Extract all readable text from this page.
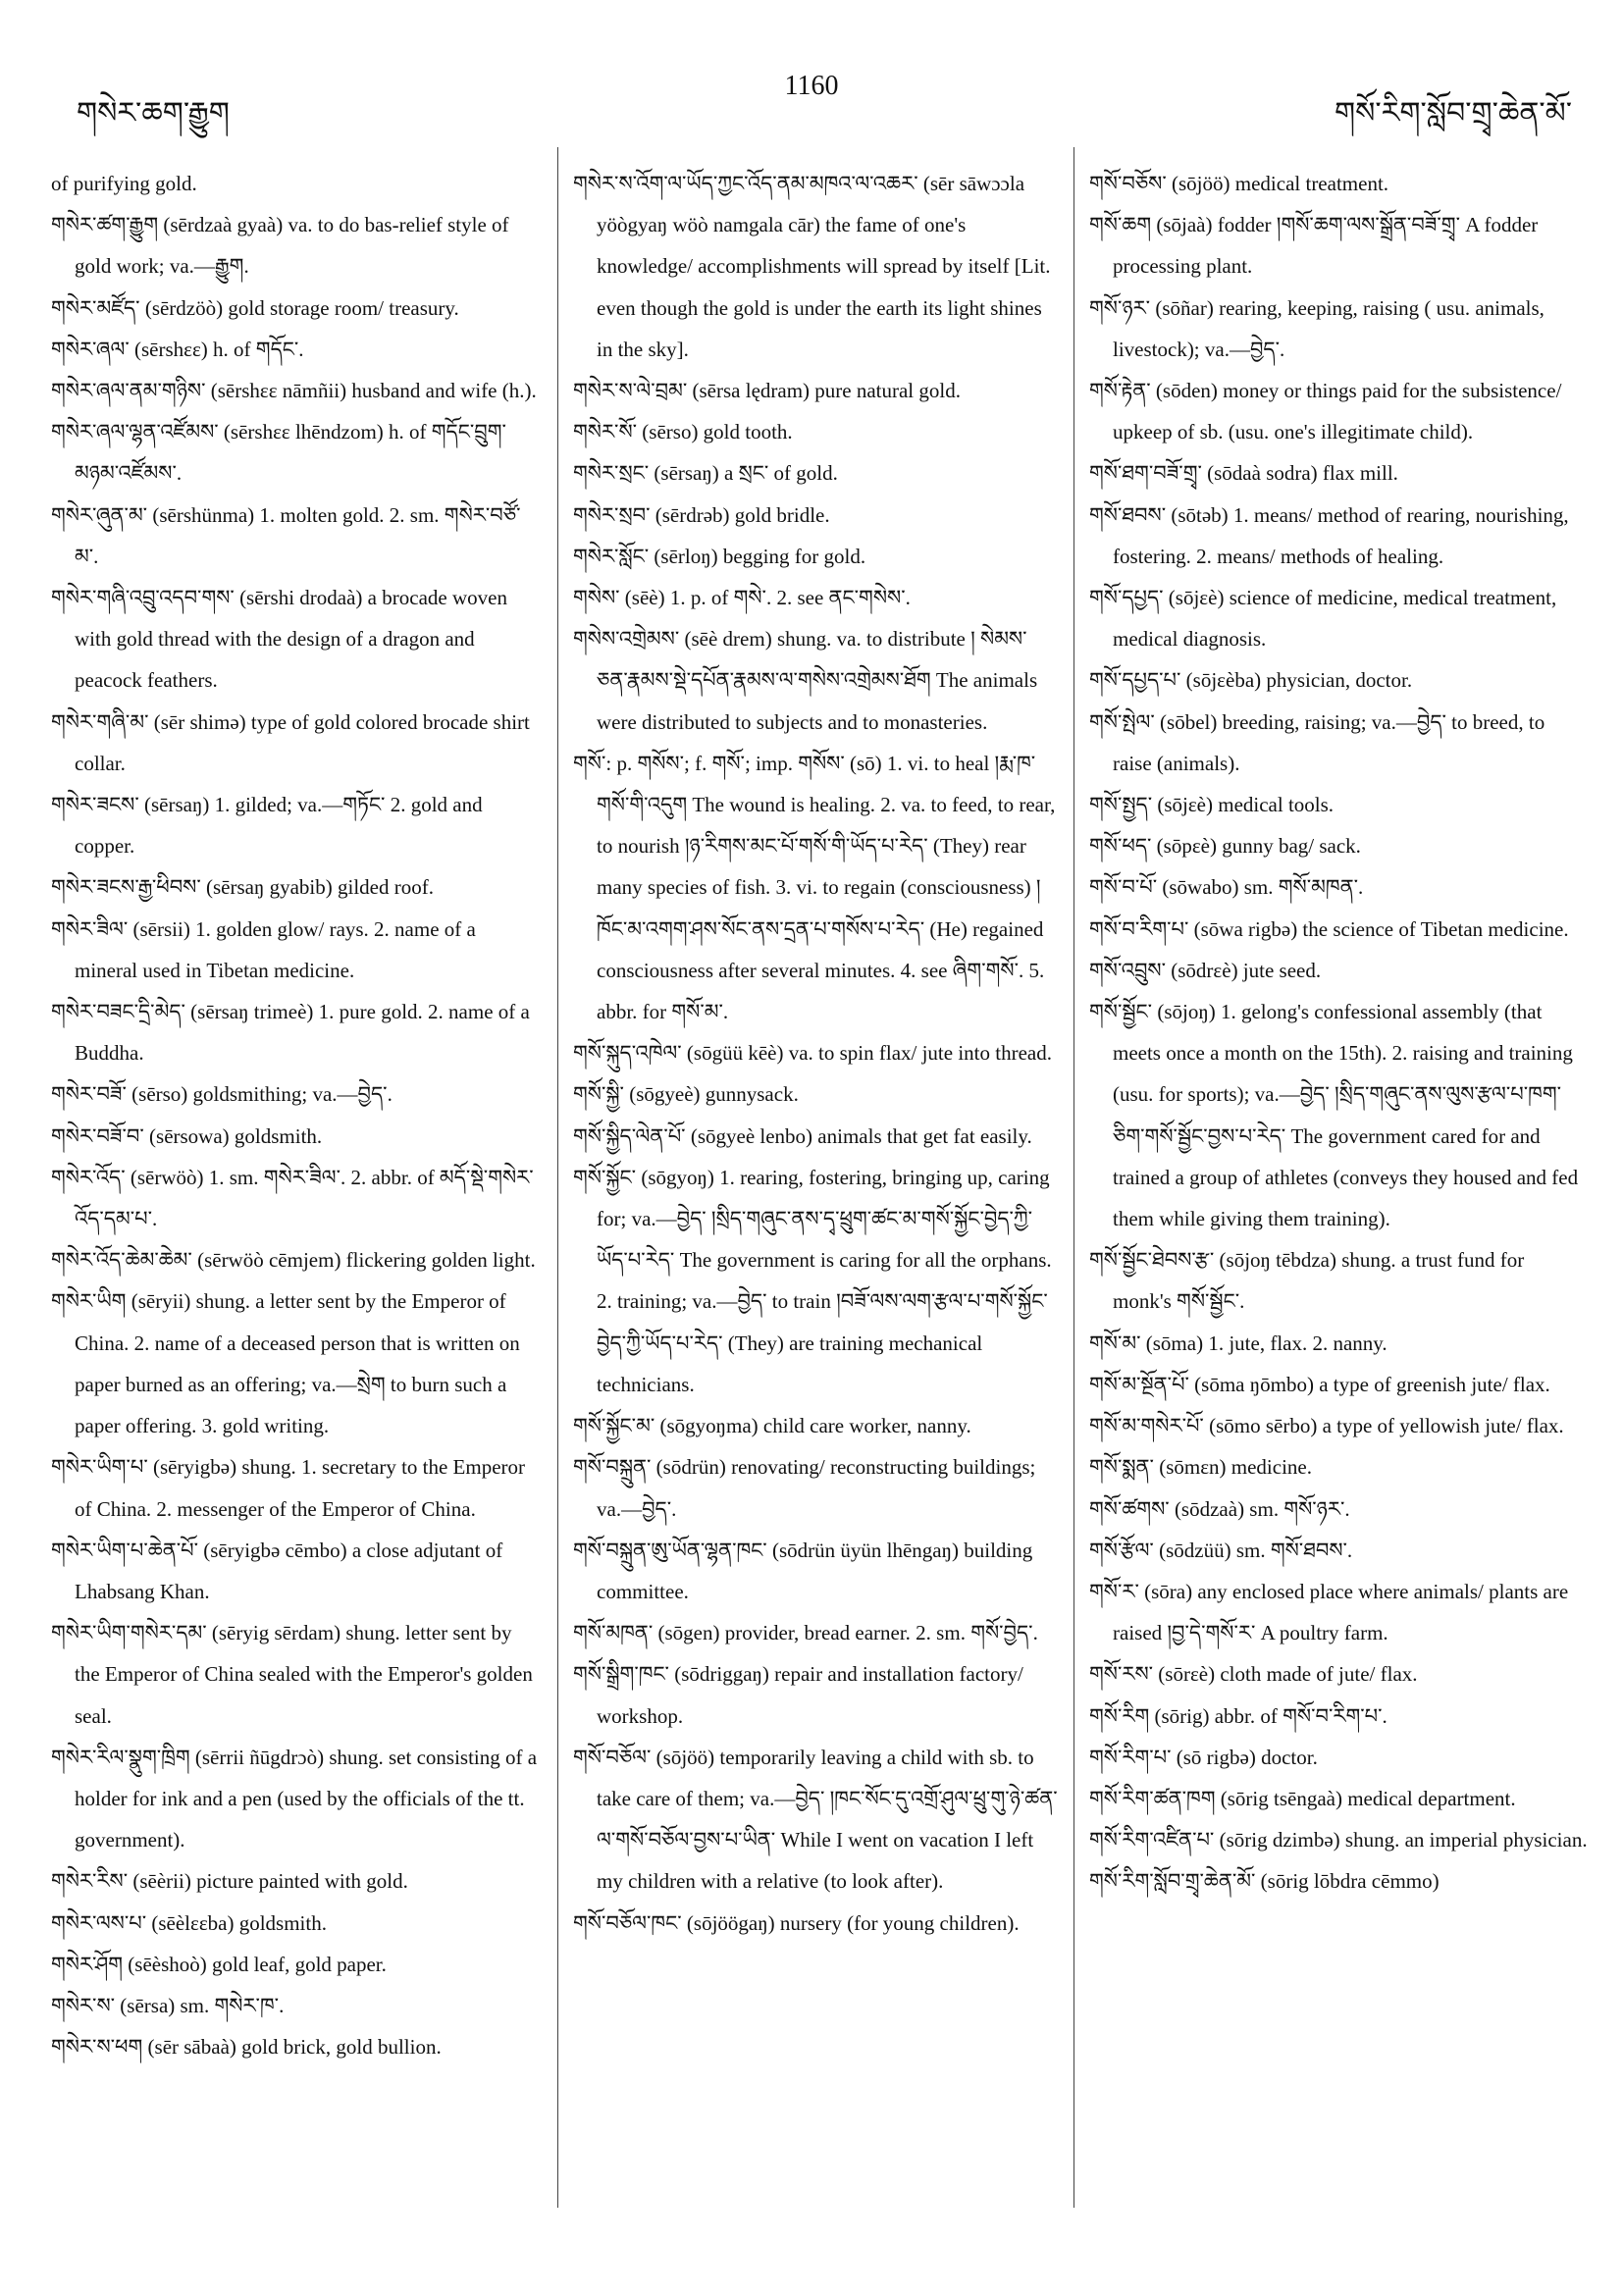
གསེར་ཆག་རྒྱུག
1160
གསོ་རིག་སློབ་གྲྭ་ཆེན་མོ་

of purifying gold.

གསེར་ཚག་རྒྱུག (sērdzaà gyaà) va. to do bas-relief style of gold work; va.—རྒྱུག.

གསེར་མཛོད་ (sērdzöò) gold storage room/ treasury.

གསེར་ཞལ་ (sērshεε) h. of གདོང་.

གསེར་ཞལ་ནམ་གཉིས་ (sērshεε nāmñii) husband and wife (h.).

གསེར་ཞལ་ལྷན་འཛོམས་ (sērshεε lhēndzom) h. of གདོང་བྲུག་མཉམ་འཛོམས་.

གསེར་ཞུན་མ་ (sērshünma) 1. molten gold. 2. sm. གསེར་བཙོ་མ་.

གསེར་གཞི་འབྲུ་འདབ་གས་ (sērshi drodaà) a brocade woven with gold thread with the design of a dragon and peacock feathers.

གསེར་གཞི་མ་ (sēr shimə) type of gold colored brocade shirt collar.

གསེར་ཟངས་ (sērsaŋ) 1. gilded; va.—གཏོང་ 2. gold and copper.

གསེར་ཟངས་རྒྱ་ཕིབས་ (sērsaŋ gyabib) gilded roof.

གསེར་ཟིལ་ (sērsii) 1. golden glow/ rays. 2. name of a mineral used in Tibetan medicine.

གསེར་བཟང་དྲི་མེད་ (sērsaŋ trimeè) 1. pure gold. 2. name of a Buddha.

གསེར་བཟོ་ (sērso) goldsmithing; va.—བྱེད་.

གསེར་བཟོ་བ་ (sērsowa) goldsmith.

གསེར་འོད་ (sērwöò) 1. sm. གསེར་ཟིལ་. 2. abbr. of མདོ་སྡེ་གསེར་འོད་དམ་པ་.

གསེར་འོད་ཆེམ་ཆེམ་ (sērwöò cēmjem) flickering golden light.

གསེར་ཡིག (sēryii) shung. a letter sent by the Emperor of China. 2. name of a deceased person that is written on paper burned as an offering; va.—སྲེག to burn such a paper offering. 3. gold writing.

གསེར་ཡིག་པ་ (sēryigbə) shung. 1. secretary to the Emperor of China. 2. messenger of the Emperor of China.

གསེར་ཡིག་པ་ཆེན་པོ་ (sēryigbə cēmbo) a close adjutant of Lhabsang Khan.

གསེར་ཡིག་གསེར་དམ་ (sēryig sērdam) shung. letter sent by the Emperor of China sealed with the Emperor's golden seal.

གསེར་རིལ་སྣུག་ཁྲིག (sērrii ñūgdrɔò) shung. set consisting of a holder for ink and a pen (used by the officials of the tt. government).

གསེར་རིས་ (sēèrii) picture painted with gold.

གསེར་ལས་པ་ (sēèlεεba) goldsmith.

གསེར་ཤོག (sēèshoò) gold leaf, gold paper.

གསེར་ས་ (sērsa) sm. གསེར་ཁ་.

གསེར་ས་ཕག (sēr sābaà) gold brick, gold bullion.

གསེར་ས་འོག་ལ་ཡོད་ཀྱང་འོད་ནམ་མཁའ་ལ་འཆར་ (sēr sāwɔɔla yöògyaŋ wöò namgala cār) the fame of one's knowledge/ accomplishments will spread by itself [Lit. even though the gold is under the earth its light shines in the sky].

གསེར་ས་ལེ་བྲམ་ (sērsa lędram) pure natural gold.

གསེར་སོ་ (sērso) gold tooth.

གསེར་སྲང་ (sērsaŋ) a སྲང་ of gold.

གསེར་སྲབ་ (sērdrəb) gold bridle.

གསེར་སློང་ (sērloŋ) begging for gold.

གསེས་ (sēè) 1. p. of གསེ་. 2. see ནང་གསེས་.

གསེས་འགྲེམས་ (sēè drem) shung. va. to distribute ། སེམས་ཅན་རྣམས་སྡེ་དཔོན་རྣམས་ལ་གསེས་འགྲེམས་ཐོག The animals were distributed to subjects and to monasteries.

གསོ་: p. གསོས་; f. གསོ་; imp. གསོས་ (sō) 1. vi. to heal །རྨ་ཁ་གསོ་གི་འདུག The wound is healing. 2. va. to feed, to rear, to nourish །ཉ་རིགས་མང་པོ་གསོ་གི་ཡོད་པ་རེད་ (They) rear many species of fish. 3. vi. to regain (consciousness) །ཁོང་མ་འགག་ཤས་སོང་ནས་དྲན་པ་གསོས་པ་རེད་ (He) regained consciousness after several minutes. 4. see ཞིག་གསོ་. 5. abbr. for གསོ་མ་.

གསོ་སྐུད་འཁེལ་ (sōgüü kēè) va. to spin flax/ jute into thread.

གསོ་སྐྱི་ (sōgyeè) gunnysack.

གསོ་སྐྱིད་ལེན་པོ་ (sōgyeè lenbo) animals that get fat easily.

གསོ་སྐྱོང་ (sōgyoŋ) 1. rearing, fostering, bringing up, caring for; va.—བྱེད་ །སྲིད་གཞུང་ནས་དྭ་ཕྲུག་ཚང་མ་གསོ་སྐྱོང་བྱེད་ཀྱི་ཡོད་པ་རེད་ The government is caring for all the orphans. 2. training; va.—བྱེད་ to train །བཟོ་ལས་ལག་རྩལ་པ་གསོ་སྐྱོང་བྱེད་ཀྱི་ཡོད་པ་རེད་ (They) are training mechanical technicians.

གསོ་སྐྱོང་མ་ (sōgyoŋma) child care worker, nanny.

གསོ་བསྐྲུན་ (sōdrün) renovating/ reconstructing buildings; va.—བྱེད་.

གསོ་བསྐྲུན་ཨུ་ཡོན་ལྷན་ཁང་ (sōdrün üyün lhēngaŋ) building committee.

གསོ་མཁན་ (sōgen) provider, bread earner. 2. sm. གསོ་བྱེད་.

གསོ་སྒྲིག་ཁང་ (sōdriggaŋ) repair and installation factory/ workshop.

གསོ་བཅོལ་ (sōjöö) temporarily leaving a child with sb. to take care of them; va.—བྱེད་ །ཁང་སོང་དུ་འགྲོ་ཤུལ་ཕྲུ་གུ་ཉེ་ཚན་ལ་གསོ་བཅོལ་བྱས་པ་ཡིན་ While I went on vacation I left my children with a relative (to look after).

གསོ་བཅོལ་ཁང་ (sōjöögaŋ) nursery (for young children).

གསོ་བཅོས་ (sōjöö) medical treatment.

གསོ་ཆག (sōjaà) fodder །གསོ་ཆག་ལས་སྒྲོན་བཟོ་གྲྭ་ A fodder processing plant.

གསོ་ཉར་ (sōñar) rearing, keeping, raising ( usu. animals, livestock); va.—བྱེད་.

གསོ་རྟེན་ (sōden) money or things paid for the subsistence/ upkeep of sb. (usu. one's illegitimate child).

གསོ་ཐག་བཟོ་གྲྭ་ (sōdaà sodra) flax mill.

གསོ་ཐབས་ (sōtəb) 1. means/ method of rearing, nourishing, fostering. 2. means/ methods of healing.

གསོ་དཔྱད་ (sōjεè) science of medicine, medical treatment, medical diagnosis.

གསོ་དཔྱད་པ་ (sōjεèba) physician, doctor.

གསོ་སྤེལ་ (sōbel) breeding, raising; va.—བྱེད་ to breed, to raise (animals).

གསོ་སྤྱད་ (sōjεè) medical tools.

གསོ་ཕད་ (sōpεè) gunny bag/ sack.

གསོ་བ་པོ་ (sōwabo) sm. གསོ་མཁན་.

གསོ་བ་རིག་པ་ (sōwa rigbə) the science of Tibetan medicine.

གསོ་འབྲུས་ (sōdrεè) jute seed.

གསོ་སྦྱོང་ (sōjoŋ) 1. gelong's confessional assembly (that meets once a month on the 15th). 2. raising and training (usu. for sports); va.—བྱེད་ །སྲིད་གཞུང་ནས་ལུས་རྩལ་པ་ཁག་ཅིག་གསོ་སྦྱོང་བྱས་པ་རེད་ The government cared for and trained a group of athletes (conveys they housed and fed them while giving them training).

གསོ་སྦྱོང་ཐེབས་རྩ་ (sōjoŋ tēbdza) shung. a trust fund for monk's གསོ་སྦྱོང་.

གསོ་མ་ (sōma) 1. jute, flax. 2. nanny.

གསོ་མ་སྔོན་པོ་ (sōma ŋōmbo) a type of greenish jute/ flax.

གསོ་མ་གསེར་པོ་ (sōmo sērbo) a type of yellowish jute/ flax.

གསོ་སྨན་ (sōmεn) medicine.

གསོ་ཚགས་ (sōdzaà) sm. གསོ་ཉར་.

གསོ་རྩོལ་ (sōdzüü) sm. གསོ་ཐབས་.

གསོ་ར་ (sōra) any enclosed place where animals/ plants are raised །བྱ་དེ་གསོ་ར་ A poultry farm.

གསོ་རས་ (sōrεè) cloth made of jute/ flax.

གསོ་རིག (sōrig) abbr. of གསོ་བ་རིག་པ་.

གསོ་རིག་པ་ (sō rigbə) doctor.

གསོ་རིག་ཚན་ཁག (sōrig tsēngaà) medical department.

གསོ་རིག་འཛིན་པ་ (sōrig dzimbə) shung. an imperial physician.

གསོ་རིག་སློབ་གྲྭ་ཆེན་མོ་ (sōrig lōbdra cēmmo)
